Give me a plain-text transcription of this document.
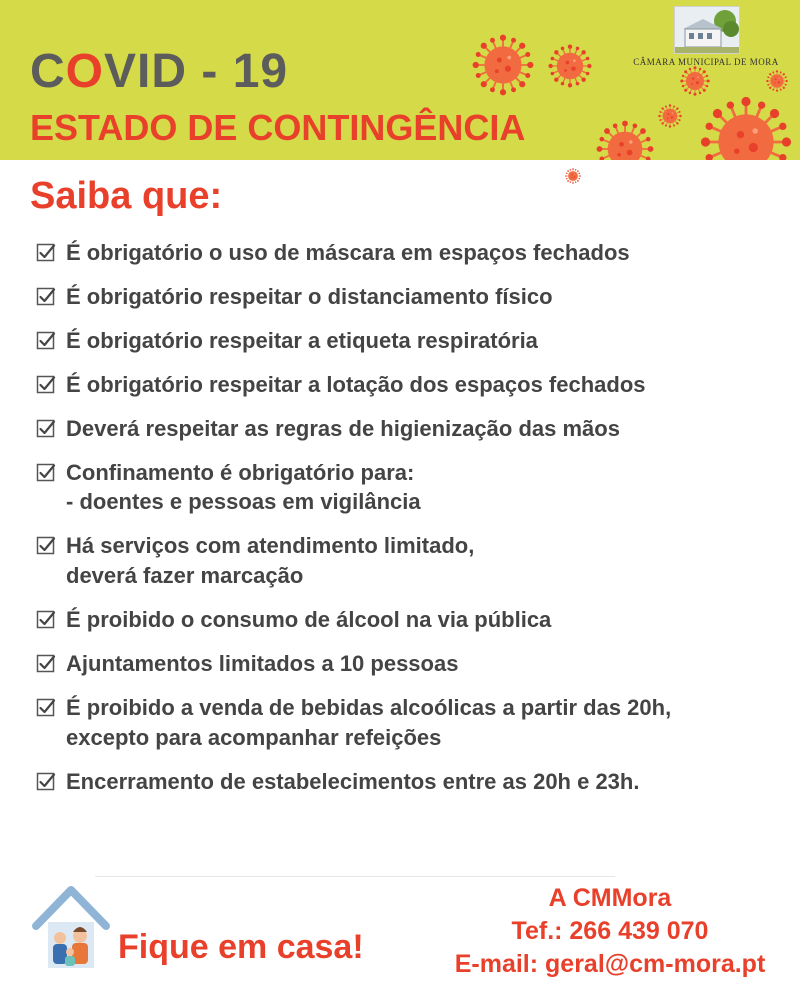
COVID - 19
ESTADO DE CONTINGÊNCIA
CÂMARA MUNICIPAL DE MORA
Saiba que:
É obrigatório o uso de máscara em espaços fechados
É obrigatório respeitar o distanciamento físico
É obrigatório respeitar a etiqueta respiratória
É obrigatório respeitar a lotação dos espaços fechados
Deverá respeitar as regras de higienização das mãos
Confinamento é obrigatório para:
- doentes e pessoas em vigilância
Há serviços com atendimento limitado,
deverá fazer marcação
É proibido o consumo de álcool na via pública
Ajuntamentos limitados a 10 pessoas
É proibido a venda de bebidas alcoólicas a partir das 20h,
excepto para acompanhar refeições
Encerramento de estabelecimentos entre as 20h e 23h.
Fique em casa!
A CMMora
Tef.: 266 439 070
E-mail: geral@cm-mora.pt
